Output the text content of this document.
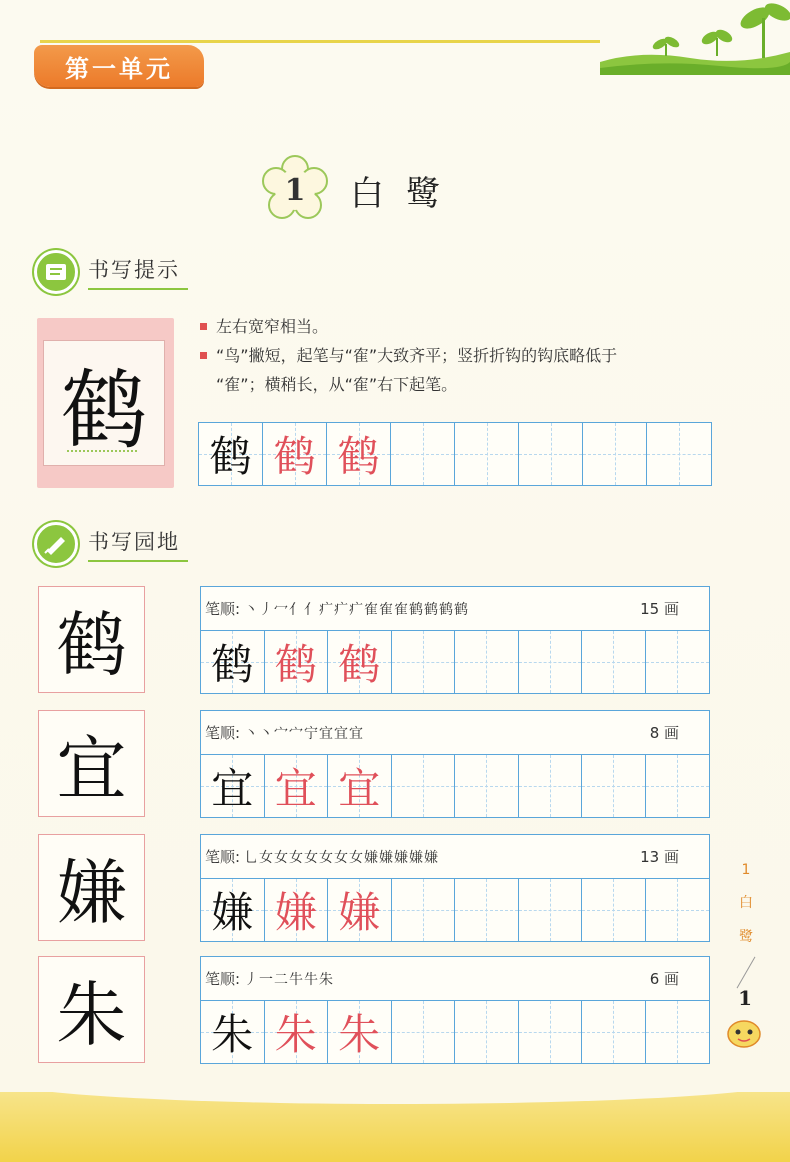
第一单元
1	白鹭
书写提示
鹤
左右宽窄相当。
“鸟”撇短，起笔与“隺”大致齐平；竖折折钩的钩底略低于
“隺”；横稍长，从“隺”右下起笔。
鹤 鹤 鹤
书写园地
鹤	笔顺: 丶丿冖亻亻疒疒疒隺隺隺鹤鹤鹤鹤	15 画
鹤 鹤 鹤
宜	笔顺: 丶丶宀宀宁宜宜宜	8 画
宜 宜 宜
嫌	笔顺: 乚女女女女女女女嫌嫌嫌嫌嫌	13 画
嫌 嫌 嫌
朱	笔顺: 丿一二牛牛朱	6 画
朱 朱 朱
1
白
鹭
1
